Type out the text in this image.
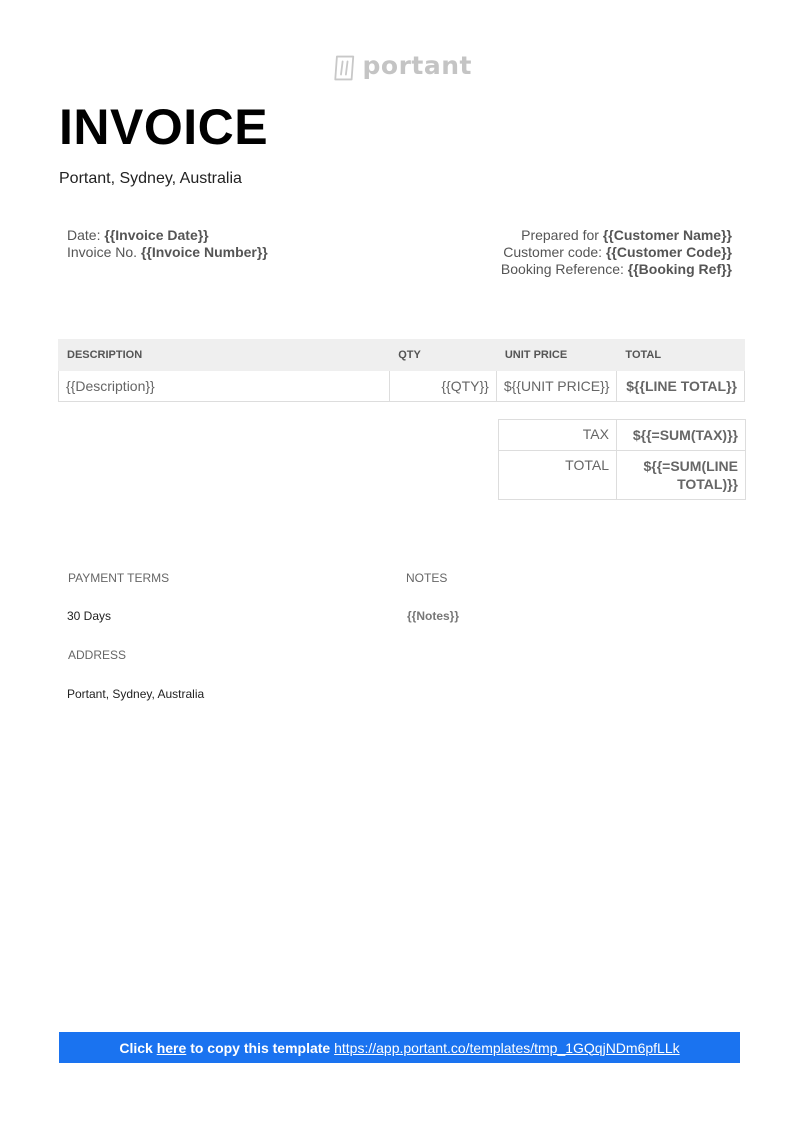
portant
INVOICE
Portant, Sydney, Australia
Date: {{Invoice Date}}
Invoice No. {{Invoice Number}}
Prepared for {{Customer Name}}
Customer code: {{Customer Code}}
Booking Reference: {{Booking Ref}}
DESCRIPTION	QTY	UNIT PRICE	TOTAL
{{Description}}	{{QTY}}	${{UNIT PRICE}}	${{LINE TOTAL}}
TAX	${{=SUM(TAX)}}
TOTAL	${{=SUM(LINE
TOTAL)}}
PAYMENT TERMS
30 Days
NOTES
{{Notes}}
ADDRESS
Portant, Sydney, Australia
Click
here
to copy this template
https://app.portant.co/templates/tmp_1GQqjNDm6pfLLk
